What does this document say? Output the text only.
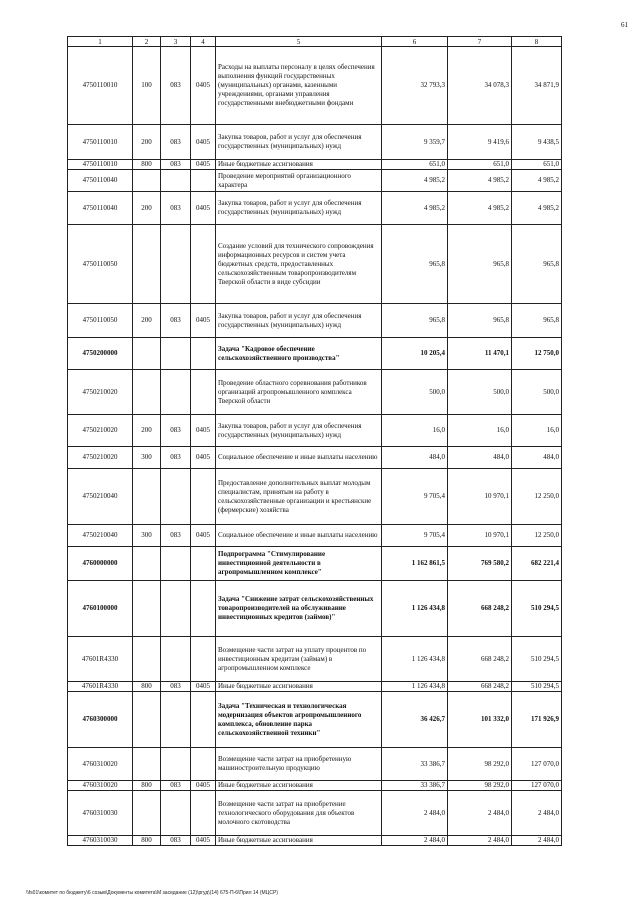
61
1	2	3	4	5	6	7	8
4750110010	100	083	0405	Расходы на выплаты персоналу в целях обеспечения выполнения функций государственных (муниципальных) органами, казенными учреждениями, органами управления государственными внебюджетными фондами	32 793,3	34 078,3	34 871,9
4750110010	200	083	0405	Закупка товаров, работ и услуг для обеспечения государственных (муниципальных) нужд	9 359,7	9 419,6	9 438,5
4750110010	800	083	0405	Иные бюджетные ассигнования	651,0	651,0	651,0
4750110040				Проведение мероприятий организационного характера	4 985,2	4 985,2	4 985,2
4750110040	200	083	0405	Закупка товаров, работ и услуг для обеспечения государственных (муниципальных) нужд	4 985,2	4 985,2	4 985,2
4750110050				Создание условий для технического сопровождения информационных ресурсов и систем учета бюджетных средств, предоставленных сельскохозяйственным товаропроизводителям Тверской области в виде субсидии	965,8	965,8	965,8
4750110050	200	083	0405	Закупка товаров, работ и услуг для обеспечения государственных (муниципальных) нужд	965,8	965,8	965,8
4750200000				Задача "Кадровое обеспечение сельскохозяйственного производства"	10 205,4	11 470,1	12 750,0
4750210020				Проведение областного соревнования работников организаций агропромышленного комплекса Тверской области	500,0	500,0	500,0
4750210020	200	083	0405	Закупка товаров, работ и услуг для обеспечения государственных (муниципальных) нужд	16,0	16,0	16,0
4750210020	300	083	0405	Социальное обеспечение и иные выплаты населению	484,0	484,0	484,0
4750210040				Предоставление дополнительных выплат молодым специалистам, принятым на работу в сельскохозяйственные организации и крестьянские (фермерские) хозяйства	9 705,4	10 970,1	12 250,0
4750210040	300	083	0405	Социальное обеспечение и иные выплаты населению	9 705,4	10 970,1	12 250,0
4760000000				Подпрограмма "Стимулирование инвестиционной деятельности в агропромышленном комплексе"	1 162 861,5	769 580,2	682 221,4
4760100000				Задача "Снижение затрат сельскохозяйственных товаропроизводителей на обслуживание инвестиционных кредитов (займов)"	1 126 434,8	668 248,2	510 294,5
47601R4330				Возмещение части затрат на уплату процентов по инвестиционным кредитам (займам) в агропромышленном комплексе	1 126 434,8	668 248,2	510 294,5
47601R4330	800	083	0405	Иные бюджетные ассигнования	1 126 434,8	668 248,2	510 294,5
4760300000				Задача "Техническая и технологическая модернизация объектов агропромышленного комплекса, обновление парка сельскохозяйственной техники"	36 426,7	101 332,0	171 926,9
4760310020				Возмещение части затрат на приобретенную машиностроительную продукцию	33 386,7	98 292,0	127 070,0
4760310020	800	083	0405	Иные бюджетные ассигнования	33 386,7	98 292,0	127 070,0
4760310030				Возмещение части затрат на приобретение технологического оборудования для объектов молочного скотоводства	2 484,0	2 484,0	2 484,0
4760310030	800	083	0405	Иные бюджетные ассигнования	2 484,0	2 484,0	2 484,0
\\fs01\комитет по бюджету\6 созыв\Документы комитета\М заседание (12)\ргуд\(14) 675-П-6\Прил 14 (МЦСР)
